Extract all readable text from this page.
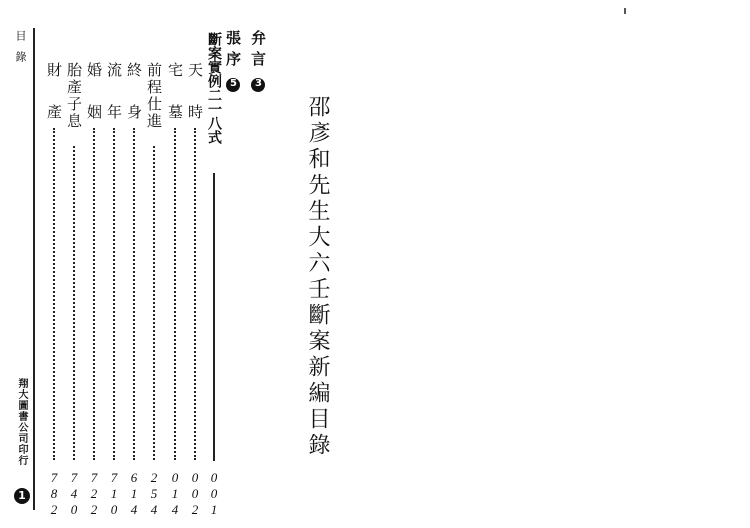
邵彥和先生大六壬斷案新編目錄
目錄
翔大圖書公司印行
1
弁言3
張序5
斷案實例二一八式
0
0
1
天
時
0
0
2
宅
墓
0
1
4
前程仕進
2
5
4
終
身
6
1
4
流
年
7
1
0
婚
姻
7
2
2
胎產子息
7
4
0
財
產
7
8
2
